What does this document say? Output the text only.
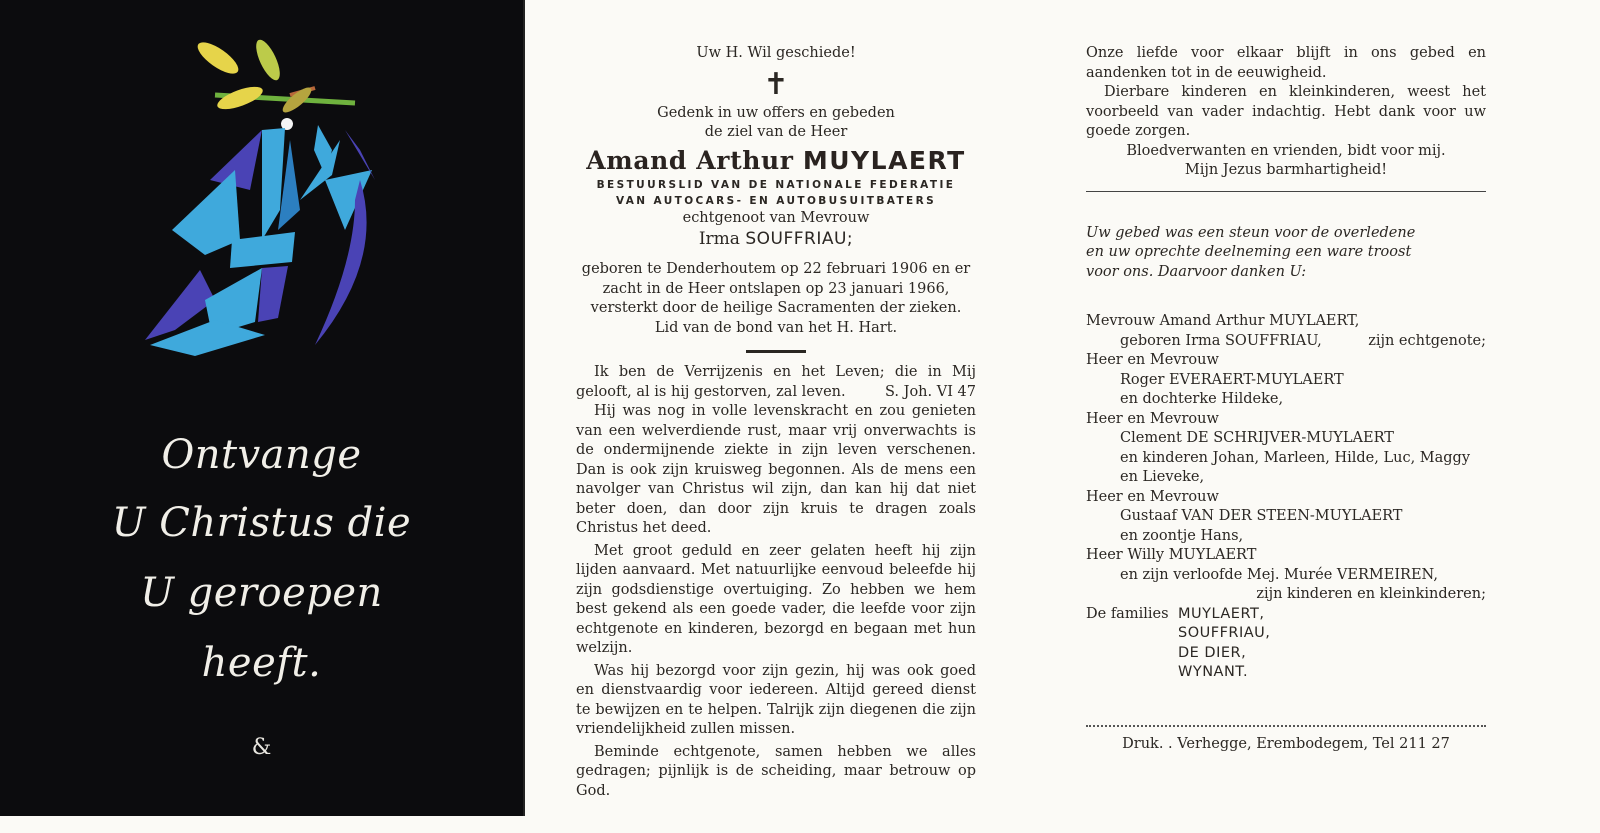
Ontvange
U Christus die
U geroepen
heeft.
&
Uw H. Wil geschiede!
✝
Gedenk in uw offers en gebeden
de ziel van de Heer
Amand Arthur MUYLAERT
BESTUURSLID VAN DE NATIONALE FEDERATIE
VAN AUTOCARS- EN AUTOBUSUITBATERS
echtgenoot van Mevrouw
Irma SOUFFRIAU;
geboren te Denderhoutem op 22 februari 1906 en er
zacht in de Heer ontslapen op 23 januari 1966,
versterkt door de heilige Sacramenten der zieken.
Lid van de bond van het H. Hart.
Ik ben de Verrijzenis en het Leven; die in Mij gelooft, al is hij gestorven, zal leven.	S. Joh. VI 47
Hij was nog in volle levenskracht en zou genieten van een welverdiende rust, maar vrij onverwachts is de ondermijnende ziekte in zijn leven verschenen. Dan is ook zijn kruisweg begonnen. Als de mens een navolger van Christus wil zijn, dan kan hij dat niet beter doen, dan door zijn kruis te dragen zoals Christus het deed.
Met groot geduld en zeer gelaten heeft hij zijn lijden aanvaard. Met natuurlijke eenvoud beleefde hij zijn godsdienstige overtuiging. Zo hebben we hem best gekend als een goede vader, die leefde voor zijn echtgenote en kinderen, bezorgd en begaan met hun welzijn.
Was hij bezorgd voor zijn gezin, hij was ook goed en dienstvaardig voor iedereen. Altijd gereed dienst te bewijzen en te helpen. Talrijk zijn diegenen die zijn vriendelijkheid zullen missen.
Beminde echtgenote, samen hebben we alles gedragen; pijnlijk is de scheiding, maar betrouw op God.
Onze liefde voor elkaar blijft in ons gebed en aandenken tot in de eeuwigheid.
Dierbare kinderen en kleinkinderen, weest het voorbeeld van vader indachtig. Hebt dank voor uw goede zorgen.
Bloedverwanten en vrienden, bidt voor mij.
Mijn Jezus barmhartigheid!
Uw gebed was een steun voor de overledene
en uw oprechte deelneming een ware troost
voor ons. Daarvoor danken U:
Mevrouw Amand Arthur MUYLAERT,
geboren Irma SOUFFRIAU,	zijn echtgenote;
Heer en Mevrouw
Roger EVERAERT-MUYLAERT
en dochterke Hildeke,
Heer en Mevrouw
Clement DE SCHRIJVER-MUYLAERT
en kinderen Johan, Marleen, Hilde, Luc, Maggy
en Lieveke,
Heer en Mevrouw
Gustaaf VAN DER STEEN-MUYLAERT
en zoontje Hans,
Heer Willy MUYLAERT
en zijn verloofde Mej. Murée VERMEIREN,
zijn kinderen en kleinkinderen;
De families MUYLAERT,
SOUFFRIAU,
DE DIER,
WYNANT.
Druk. . Verhegge, Erembodegem, Tel 211 27
